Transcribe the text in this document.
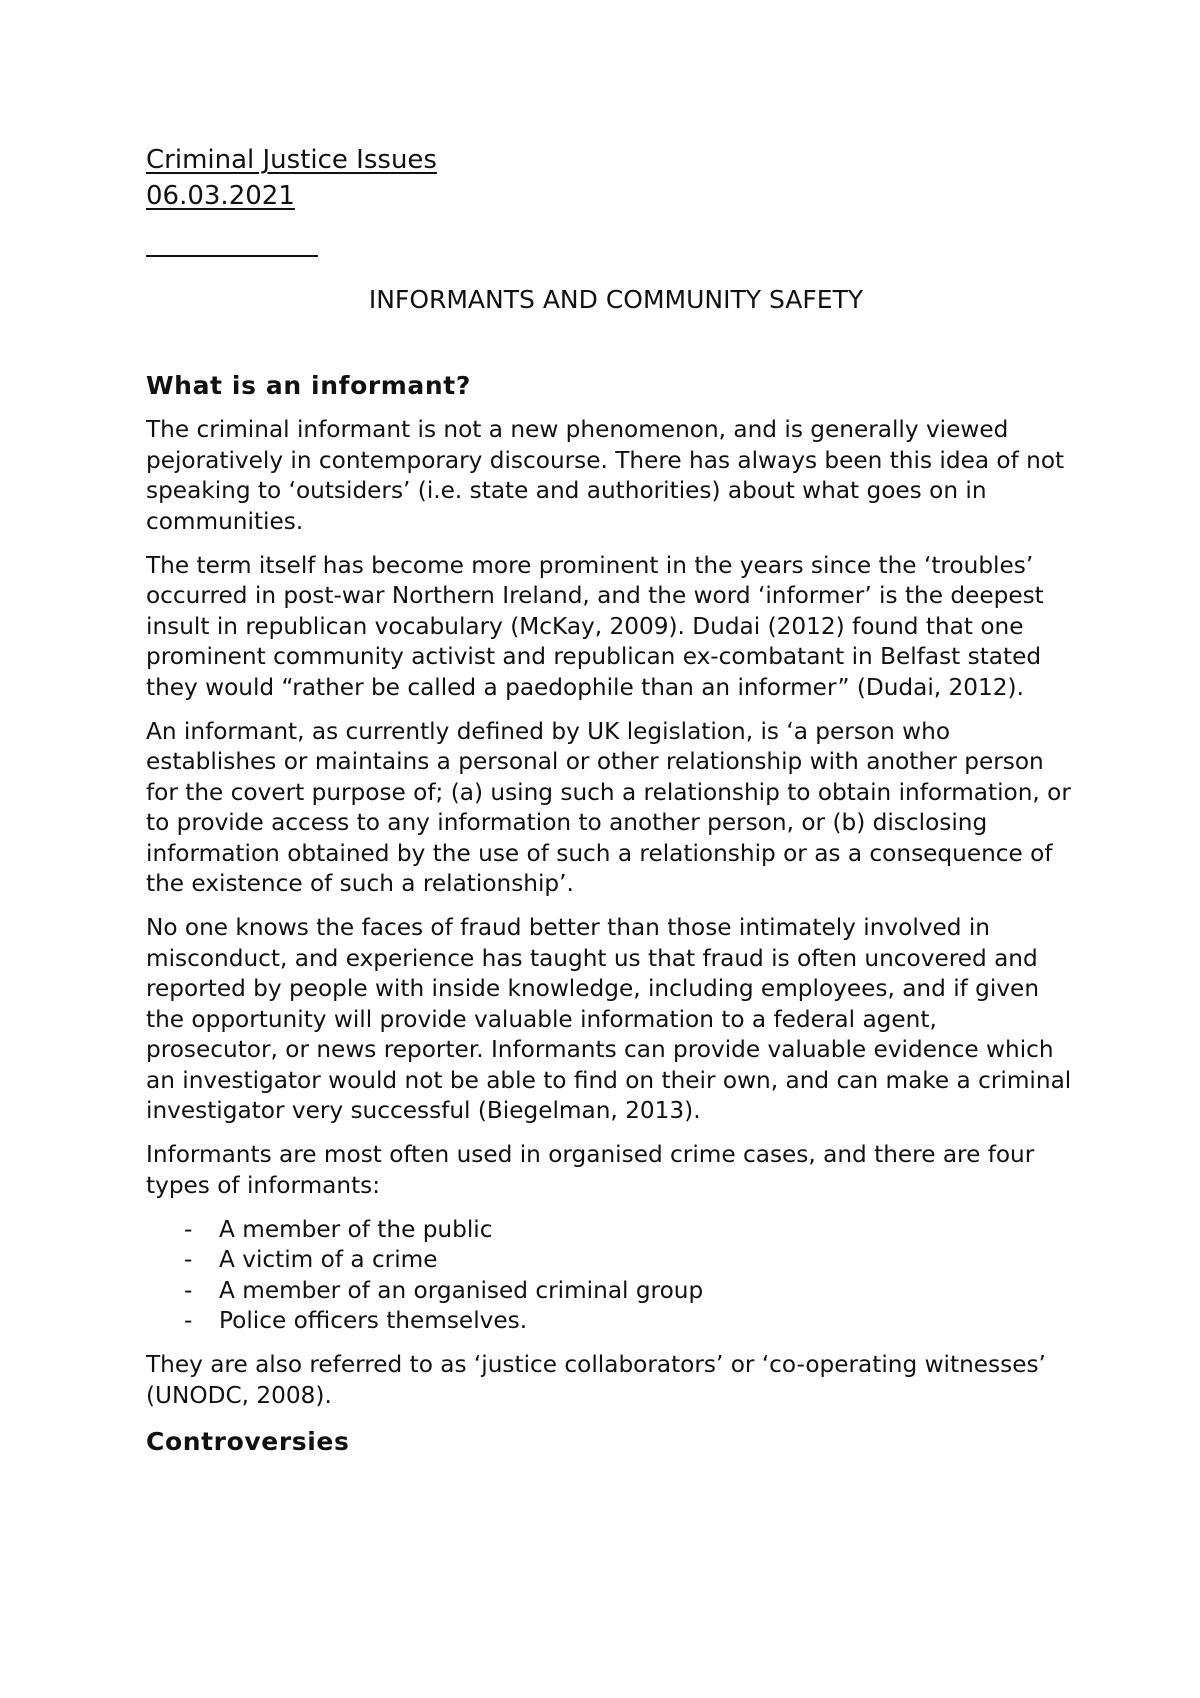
Criminal Justice Issues
06.03.2021
INFORMANTS AND COMMUNITY SAFETY
What is an informant?

The criminal informant is not a new phenomenon, and is generally viewed pejoratively in contemporary discourse. There has always been this idea of not speaking to ‘outsiders’ (i.e. state and authorities) about what goes on in communities.

The term itself has become more prominent in the years since the ‘troubles’ occurred in post-war Northern Ireland, and the word ‘informer’ is the deepest insult in republican vocabulary (McKay, 2009). Dudai (2012) found that one prominent community activist and republican ex-combatant in Belfast stated they would “rather be called a paedophile than an informer” (Dudai, 2012).

An informant, as currently defined by UK legislation, is ‘a person who establishes or maintains a personal or other relationship with another person for the covert purpose of; (a) using such a relationship to obtain information, or to provide access to any information to another person, or (b) disclosing information obtained by the use of such a relationship or as a consequence of the existence of such a relationship’.

No one knows the faces of fraud better than those intimately involved in misconduct, and experience has taught us that fraud is often uncovered and reported by people with inside knowledge, including employees, and if given the opportunity will provide valuable information to a federal agent, prosecutor, or news reporter. Informants can provide valuable evidence which an investigator would not be able to find on their own, and can make a criminal investigator very successful (Biegelman, 2013).

Informants are most often used in organised crime cases, and there are four types of informants:

- A member of the public
- A victim of a crime
- A member of an organised criminal group
- Police officers themselves.

They are also referred to as ‘justice collaborators’ or ‘co-operating witnesses’ (UNODC, 2008).

Controversies
